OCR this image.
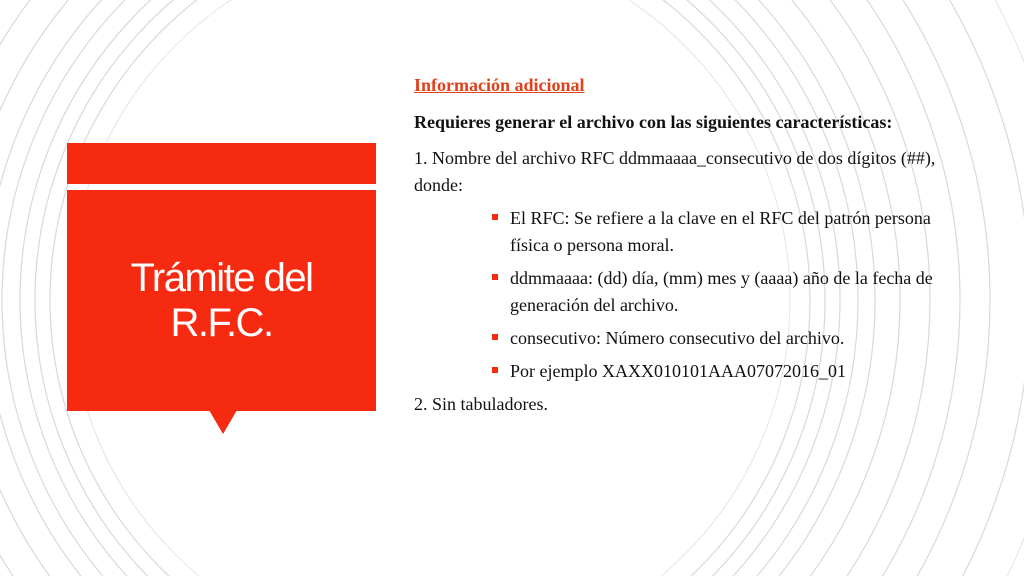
Trámite del R.F.C.

Información adicional

Requieres generar el archivo con las siguientes características:

1. Nombre del archivo RFC ddmmaaaa_consecutivo de dos dígitos (##), donde:

El RFC: Se refiere a la clave en el RFC del patrón persona física o persona moral.
ddmmaaaa: (dd) día, (mm) mes y (aaaa) año de la fecha de generación del archivo.
consecutivo: Número consecutivo del archivo.
Por ejemplo XAXX010101AAA07072016_01

2. Sin tabuladores.
